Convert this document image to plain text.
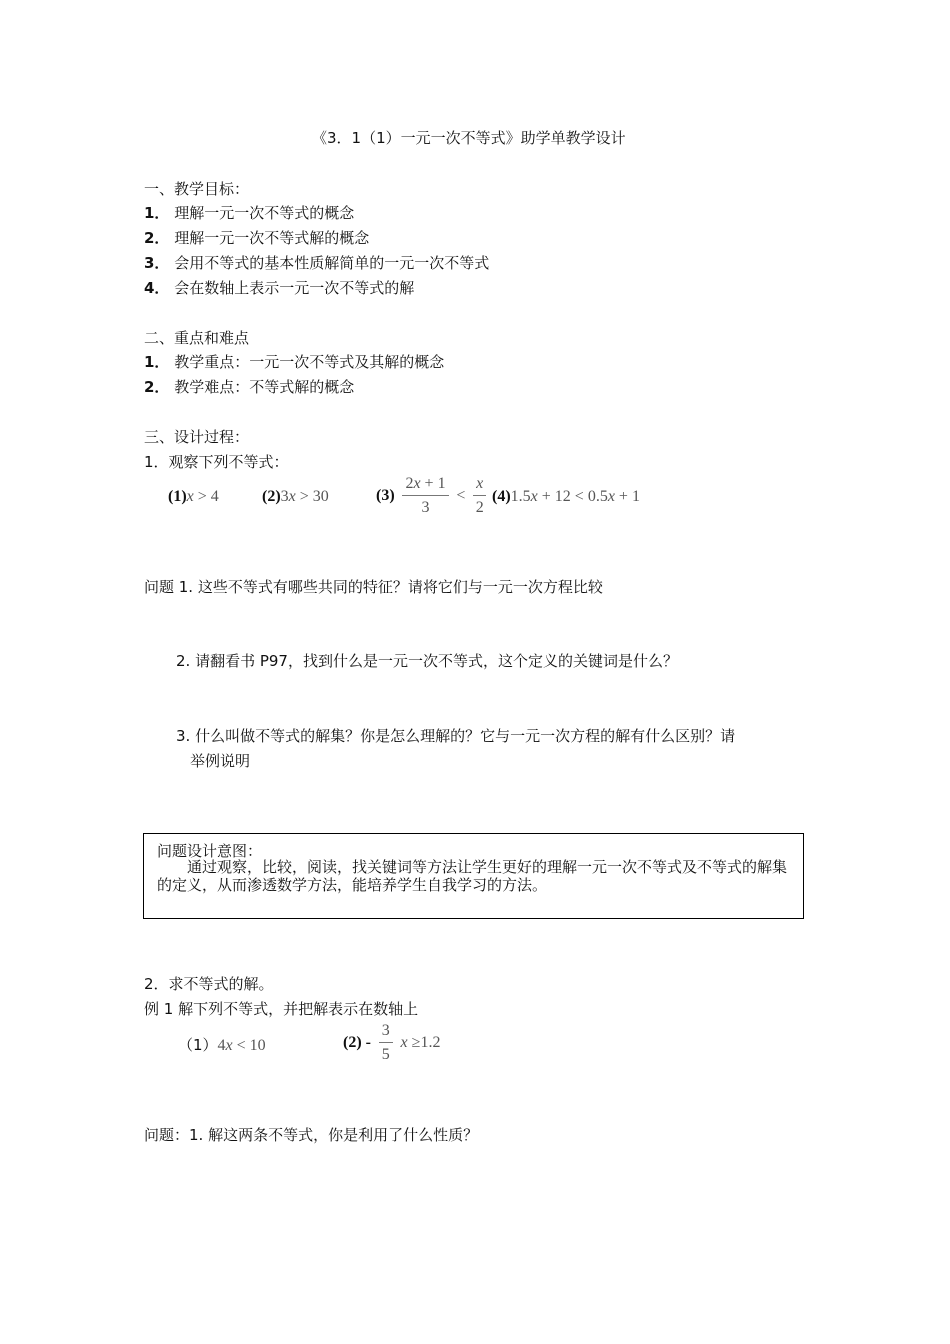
《3．1（1）一元一次不等式》助学单教学设计
一、教学目标：
1． 理解一元一次不等式的概念
2． 理解一元一次不等式解的概念
3． 会用不等式的基本性质解简单的一元一次不等式
4． 会在数轴上表示一元一次不等式的解
二、重点和难点
1． 教学重点：一元一次不等式及其解的概念
2． 教学难点：不等式解的概念
三、设计过程：
1．观察下列不等式：
(1)x > 4	(2)3x > 30	$(3) \frac{2x + 1}{3} < \frac{x}{2} (4)1.5x + 12 < 0.5x + 1$
问题 1. 这些不等式有哪些共同的特征？请将它们与一元一次方程比较
2. 请翻看书 P97，找到什么是一元一次不等式，这个定义的关键词是什么？
3. 什么叫做不等式的解集？你是怎么理解的？它与一元一次方程的解有什么区别？请
举例说明
问题设计意图：
通过观察，比较，阅读，找关键词等方法让学生更好的理解一元一次不等式及不等式的解集的定义，从而渗透数学方法，能培养学生自我学习的方法。
2．求不等式的解。
例 1 解下列不等式，并把解表示在数轴上
（1）4x < 10	$(2) - \frac{3}{5}$ x ≥1.2
问题：1. 解这两条不等式，你是利用了什么性质？
